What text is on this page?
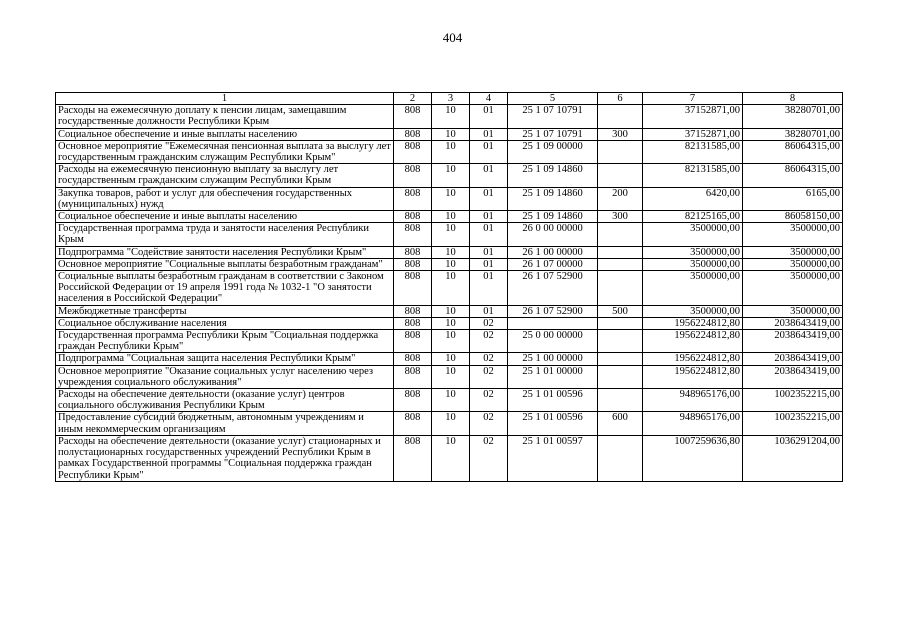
404
1	2	3	4	5	6	7	8
Расходы на ежемесячную доплату к пенсии лицам, замещавшим государственные должности Республики Крым	808	10	01	25 1 07 10791		37152871,00	38280701,00
Социальное обеспечение и иные выплаты населению	808	10	01	25 1 07 10791	300	37152871,00	38280701,00
Основное мероприятие "Ежемесячная пенсионная выплата за выслугу лет государственным гражданским служащим Республики Крым"	808	10	01	25 1 09 00000		82131585,00	86064315,00
Расходы на ежемесячную пенсионную выплату за выслугу лет государственным гражданским служащим Республики Крым	808	10	01	25 1 09 14860		82131585,00	86064315,00
Закупка товаров, работ и услуг для обеспечения государственных (муниципальных) нужд	808	10	01	25 1 09 14860	200	6420,00	6165,00
Социальное обеспечение и иные выплаты населению	808	10	01	25 1 09 14860	300	82125165,00	86058150,00
Государственная программа труда и занятости населения Республики Крым	808	10	01	26 0 00 00000		3500000,00	3500000,00
Подпрограмма "Содействие занятости населения Республики Крым"	808	10	01	26 1 00 00000		3500000,00	3500000,00
Основное мероприятие "Социальные выплаты безработным гражданам"	808	10	01	26 1 07 00000		3500000,00	3500000,00
Социальные выплаты безработным гражданам в соответствии с Законом Российской Федерации от 19 апреля 1991 года № 1032-1 "О занятости населения в Российской Федерации"	808	10	01	26 1 07 52900		3500000,00	3500000,00
Межбюджетные трансферты	808	10	01	26 1 07 52900	500	3500000,00	3500000,00
Социальное обслуживание населения	808	10	02			1956224812,80	2038643419,00
Государственная программа Республики Крым "Социальная поддержка граждан Республики Крым"	808	10	02	25 0 00 00000		1956224812,80	2038643419,00
Подпрограмма "Социальная защита населения Республики Крым"	808	10	02	25 1 00 00000		1956224812,80	2038643419,00
Основное мероприятие "Оказание социальных услуг населению через учреждения социального обслуживания"	808	10	02	25 1 01 00000		1956224812,80	2038643419,00
Расходы на обеспечение деятельности (оказание услуг) центров социального обслуживания Республики Крым	808	10	02	25 1 01 00596		948965176,00	1002352215,00
Предоставление субсидий бюджетным, автономным учреждениям и иным некоммерческим организациям	808	10	02	25 1 01 00596	600	948965176,00	1002352215,00
Расходы на обеспечение деятельности (оказание услуг) стационарных и полустационарных государственных учреждений Республики Крым в рамках Государственной программы "Социальная поддержка граждан Республики Крым"	808	10	02	25 1 01 00597		1007259636,80	1036291204,00
